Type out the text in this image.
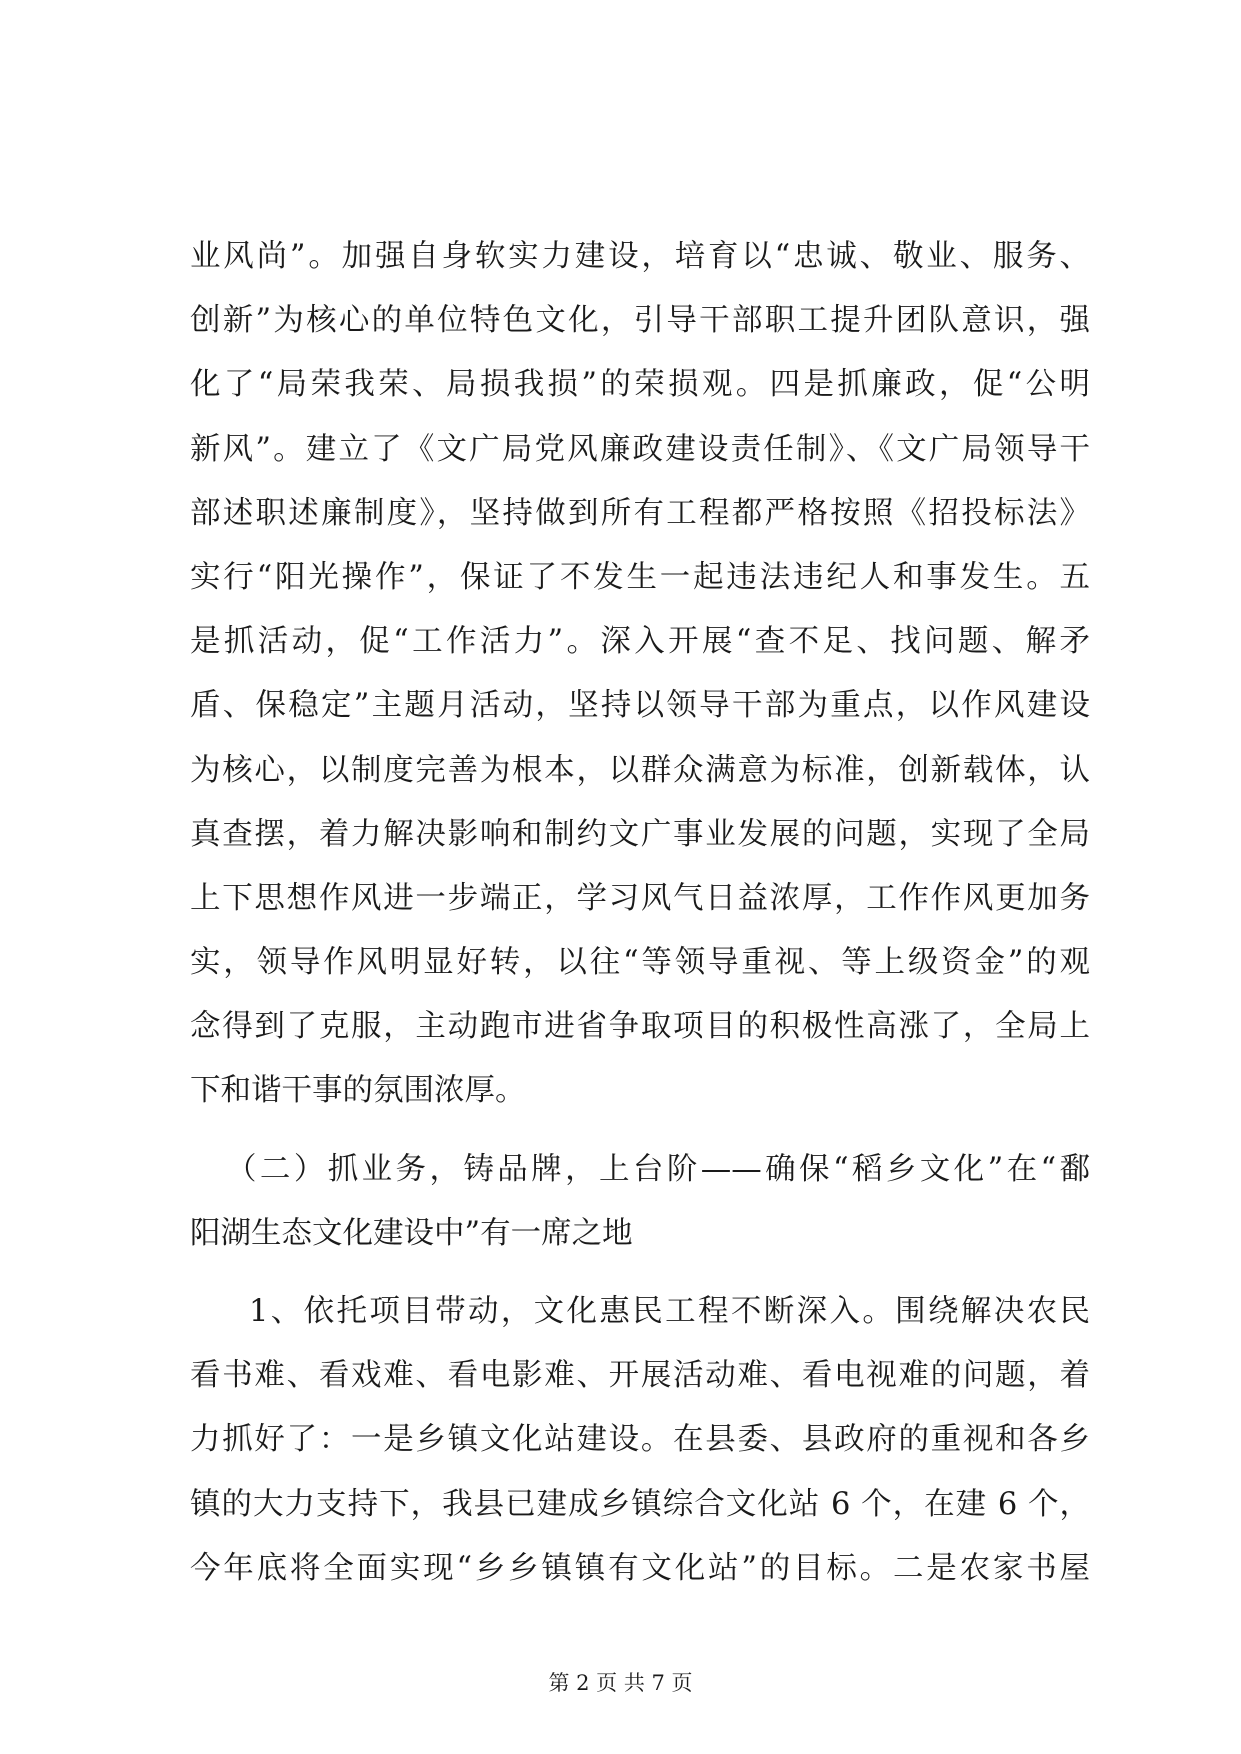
业风尚”。加强自身软实力建设，培育以“忠诚、敬业、服务、
创新”为核心的单位特色文化，引导干部职工提升团队意识，强
化了“局荣我荣、局损我损”的荣损观。四是抓廉政，促“公明
新风”。建立了《文广局党风廉政建设责任制》、《文广局领导干
部述职述廉制度》，坚持做到所有工程都严格按照《招投标法》
实行“阳光操作”，保证了不发生一起违法违纪人和事发生。五
是抓活动，促“工作活力”。深入开展“查不足、找问题、解矛
盾、保稳定”主题月活动，坚持以领导干部为重点，以作风建设
为核心，以制度完善为根本，以群众满意为标准，创新载体，认
真查摆，着力解决影响和制约文广事业发展的问题，实现了全局
上下思想作风进一步端正，学习风气日益浓厚，工作作风更加务
实，领导作风明显好转，以往“等领导重视、等上级资金”的观
念得到了克服，主动跑市进省争取项目的积极性高涨了，全局上
下和谐干事的氛围浓厚。
（二）抓业务，铸品牌，上台阶——确保“稻乡文化”在“鄱
阳湖生态文化建设中”有一席之地
1、依托项目带动，文化惠民工程不断深入。围绕解决农民
看书难、看戏难、看电影难、开展活动难、看电视难的问题，着
力抓好了：一是乡镇文化站建设。在县委、县政府的重视和各乡
镇的大力支持下，我县已建成乡镇综合文化站 6 个，在建 6 个，
今年底将全面实现“乡乡镇镇有文化站”的目标。二是农家书屋
第 2 页 共 7 页
